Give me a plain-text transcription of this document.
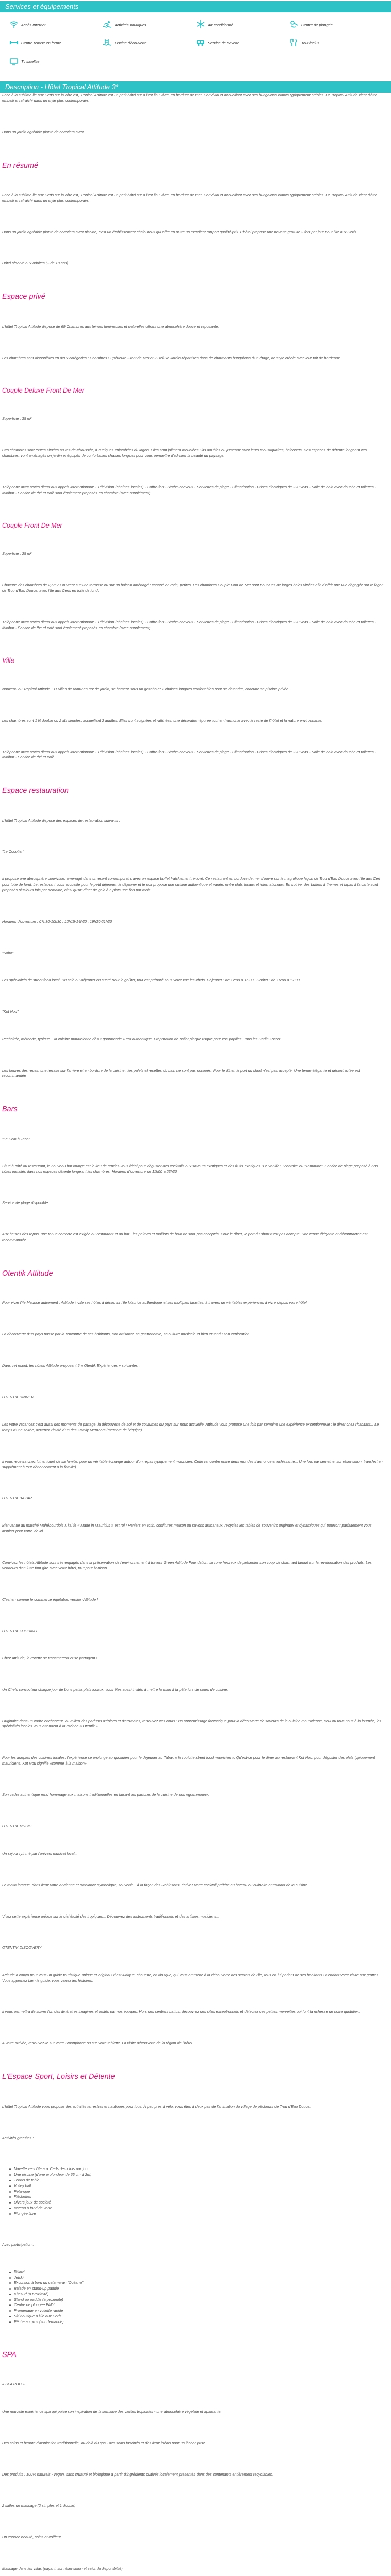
Services et équipements
Accès Internet	Activités nautiques	Air conditionné	Centre de plongée
Centre remise en forme	Piscine découverte	Service de navette	Tout inclus
Tv satellite
Description - Hôtel Tropical Attitude 3*

Face à la sublime île aux Cerfs sur la côte est, Tropical Attitude est un petit hôtel sur à l'est lieu vivre, en bordure de mer. Convivial et accueillant avec ses bungalows blancs typiquement créoles. Le Tropical Attitude vient d'être embelli et rafraîchi dans un style plus contemporain.

Dans un jardin agréable planté de cocotiers avec ...

En résumé

Face à la sublime île aux Cerfs sur la côte est, Tropical Attitude est un petit hôtel sur à l'est lieu vivre, en bordure de mer. Convivial et accueillant avec ses bungalows blancs typiquement créoles. Le Tropical Attitude vient d'être embelli et rafraîchi dans un style plus contemporain.

Dans un jardin agréable planté de cocotiers avec piscine, c'est un établissement chaleureux qui offre en outre un excellent rapport qualité-prix. L'hôtel propose une navette gratuite 2 fois par jour pour l'île aux Cerfs.

Hôtel réservé aux adultes (+ de 18 ans)

Espace privé

L'hôtel Tropical Attitude dispose de 69 Chambres aux teintes lumineuses et naturelles offrant une atmosphère douce et reposante.

Les chambres sont disponibles en deux catégories : Chambres Supérieure Front de Mer et 2 Deluxe Jardin-répartisen dans de charmants bungalows d'un étage, de style créole avec leur toit de bardeaux.

Couple Deluxe Front De Mer

Superficie : 35 m²

Ces chambres sont toutes situées au rez-de-chaussée, à quelques enjambées du lagon. Elles sont joliment meublées : lits doubles ou jumeaux avec leurs moustiquaires, balconets. Des espaces de détente longeant ces chambres, vont aménagés un jardin et équipés de confortables chaises longues pour vous permettre d'admirer la beauté du paysage.

Téléphone avec accès direct aux appels internationaux - Télévision (chaînes locales) - Coffre-fort - Sèche-cheveux - Serviettes de plage - Climatisation - Prises électriques de 220 volts - Salle de bain avec douche et toilettes - Minibar - Service de thé et café sont également proposés en chambre (avec supplément).

Couple Front De Mer

Superficie : 25 m²

Chacune des chambres de 2,5m2 s'ouvrent sur une terrasse ou sur un balcon aménagé : canapé en rotin, petites. Les chambres Couple Font de Mer sont pourvues de larges baies vitrées afin d'offrir une vue dégagée sur le lagon de Trou d'Eau Douce, avec l'île aux Cerfs en toile de fond.

Téléphone avec accès direct aux appels internationaux - Télévision (chaînes locales) - Coffre-fort - Sèche-cheveux - Serviettes de plage - Climatisation - Prises électriques de 220 volts - Salle de bain avec douche et toilettes - Minibar - Service de thé et café sont également proposés en chambre (avec supplément).

Villa

Nouveau au Tropical Attitude ! 11 villas de 60m2 en rez de jardin, se hament sous un gazebo et 2 chaises longues confortables pour se détendre, chacune sa piscine privée.

Les chambres sont 1 lit double ou 2 lits simples, accueillent 2 adultes. Elles sont soignées et raffinées, une décoration épurée tout en harmonie avec le reste de l'hôtel et la nature environnante.

Téléphone avec accès direct aux appels internationaux - Télévision (chaînes locales) - Coffre-fort - Sèche-cheveux - Serviettes de plage - Climatisation - Prises électriques de 220 volts - Salle de bain avec douche et toilettes - Minibar - Service de thé et café.

Espace restauration

L'hôtel Tropical Attitude dispose des espaces de restauration suivants :

"Le Cocotier"

Il propose une atmosphère conviviale, aménagé dans un esprit contemporain, avec un espace buffet fraîchement rénové. Ce restaurant en bordure de mer s'ouvre sur le magnifique lagon de Trou d'Eau Douce avec l'île aux Cerf pour toile de fond. Le restaurant vous accueille pour le petit déjeuner, le déjeuner et le soir propose une cuisine authentique et variée, entre plats locaux et internationaux. En soirée, des buffets à thèmes et tapas à la carte sont proposés plusieurs fois par semaine, ainsi qu'un dîner de gala à 5 plats une fois par mois.

Horaires d'ouverture : 07h30-10h30 : 12h15-14h30 : 19h30-21h30

"Sobo"

Les spécialités de street food local. Du salé au déjeuner ou sucré pour le goûter, tout est préparé sous votre vue les chefs. Déjeuner : de 12:00 à 15:00 | Goûter : de 16:00 à 17:00

"Kot Nou"

Pechoirée, méthode, typique... la cuisine mauricienne dès « gourmande » est authentique. Préparation de palier plaque risque pour vos papilles. Tous les Carlin Foster

Les heures des repas, une terrase sur l'arrière et en bordure de la cuisine , les palets el recettes du bain ne sont pas occupés. Pour le dîner, le port du short n'est pas accepté. Une tenue élégante et décontractée est recommandée

Bars

"Le Coin à Taco"

Situé à côté du restaurant, le nouveau bar lounge est le lieu de rendez-vous idéal pour déguster des cocktails aux saveurs exotiques et des fruits exotiques "Le Vanille", "Zohraie" ou "Tamarine". Service de plage proposé à nos hôtes installés dans nos espaces détente longeant les chambres. Horaires d'ouverture de 11h00 à 23h30

Service de plage disponible

Aux heures des repas, une tenue correcte est exigée au restaurant et au bar , les palmes et maillots de bain ne sont pas acceptés. Pour le dîner, le port du short n'est pas accepté. Une tenue élégante et décontractée est recommandée.

Otentik Attitude

Pour vivre l'île Maurice autrement : Attitude invite ses hôtes à découvrir l'île Maurice authentique et ses multiples facettes, à travers de véritables expériences à vivre depuis votre hôtel.

La découverte d'un pays passe par la rencontre de ses habitants, son artisanat, sa gastronomie, sa culture musicale et bien entendu son exploration.

Dans cet esprit, les hôtels Attitude proposent 5 « Otentik Expériences » suivantes :

OTENTIK DINNER

Les votre vacances c'est aussi des moments de partage, la découverte de soi et de coutumes du pays sur nous accueille. Attitude vous propose une fois par semaine une expérience exceptionnelle : le diner chez l'habitant... Le temps d'une soirée, devenez l'invité d'un des Family Members (membre de l'équipe).

Il vous recevra chez lui, entouré de sa famille, pour un véritable échange autour d'un repas typiquement mauricien. Cette rencontre entre deux mondes s'annonce enrichissante... Une fois par semaine, sur réservation, transfert en supplément à tout dénoncement à la famille)

OTENTIK BAZAR

Bienvenue au marché Mahébourdois !, l'al fe « Made in Mauritius » est roi ! Paniers en rotin, confitures maison ou savons artisanaux, recycles les tables de souvenirs originaux et dynamiques qui pourront parfaitement vous inspirer pour votre vie ici.

Convivez les hôtels Attitude sont très engagés dans la préservation de l'environnement à travers Green Attitude Foundation, la zone heureux de présenter son coup de charmant tamdé sur la revalorisation des produits. Les vendeurs d'en lutte font gîte avec votre hôtel, tout pour l'artisan.

C'est en somme le commerce équitable, version Attitude !

OTENTIK FOODING

Chez Attitude, la recette se transmettent et se partagent !

Un Chefs concocteur chaque jour de bons petits plats locaux, vous êtes aussi invités à mettre la main à la pâte lors de cours de cuisine.

Originaire dans un cadre enchanteur, au milieu des parfums d'épices et d'aromates, retrouvez ces cours : un apprentissage fantastique pour la découverte de saveurs de la cuisine mauricienne, seul ou tous nous à la journée, les spécialités locales vous attendent à la ravinée « Otentik »...

Pour les adeptes des cuisines locales, l'expérience se prolonge au quotidien pour le déjeuner au Tabar, « le roulotte street food mauricien ». Qu'est-ce pour le dîner au restaurant Kot Nou, pour déguster des plats typiquement mauriciens. Kot Nou signifie «comme à la maison».

Son cadre authentique rend hommage aux maisons traditionnelles en faisant les parfums de la cuisine de nos «grammoun».

OTENTIK MUSIC

Un séjour rythmé par l'univers musical local...

Le matin lorsque, dans lieux votre ancienne et ambiance symbolique, souvenir... À la façon des Robinsons, écrivez votre cocktail préféré au bateau ou culinaire entrainant de la cuisine...

Vivez cette expérience unique sur le ciel étoilé des tropiques... Découvrez des instruments traditionnels et des artistes musiciens...

OTENTIK DISCOVERY

Attitude a conçu pour vous un guide touristique unique et original ! Il est ludique, chouette, en kiosque, qui vous emmène à la découverte des secrets de l'île, tous en lui parlant de ses habitants ! Pendant votre visite aux grottes. Vous apprenez bien le guide, vous verrez les histoires.

Il vous permettra de suivre l'un des itinéraires imaginés et testés par nos équipes. Hors des sentiers battus, découvrez des sites exceptionnels et détectez ces petites merveilles qui font la richesse de notre quotidien.

A votre arrivée, retrouvez-le sur votre Smartphone ou sur votre tablette. La visite découverte de la région de l'hôtel.

L'Espace Sport, Loisirs et Détente

L'hôtel Tropical Attitude vous propose des activités terrestres et nautiques pour tous. À peu près à vélo, vous êtes à deux pas de l'animation du village de pêcheurs de Trou d'Eau Douce.

Activités gratuites :

Navette vers l'île aux Cerfs deux fois par jour
Une piscine (d'une profondeur de 65 cm à 2m)
Tennis de table
Volley ball
Pétanque
Fléchettes
Divers jeux de société
Bateau à fond de verre
Plongée libre

Avec participation :

Billard
Jetski
Excursion à bord du catamaran "Océane"
Balade en stand-up paddle
Kitesurf (à proximité)
Stand up paddle (à proximité)
Centre de plongée PADI
Promenade en voilette rapide
Ski nautique à l'île aux Cerfs
Pêche au gros (sur demande)
SPA

« SPA POD »

Une nouvelle expérience spa qui puise son inspiration de la semaine des vieilles tropicales - une atmosphère végétale et apaisante.

Des soins et beauté d'inspiration traditionnelle, au-delà du spa - des soins fascinés et des lieux idéals pour un lâcher prise.

Des produits : 100% naturels - vegan, sans cruauté et biologique à partir d'ingrédients cultivés localement présentés dans des contenants entièrement recyclables.

2 salles de massage (2 simples et 1 double)

Un espace beauté, soins et coiffeur

Massage dans les villas (payant, sur réservation et selon la disponibilité)
